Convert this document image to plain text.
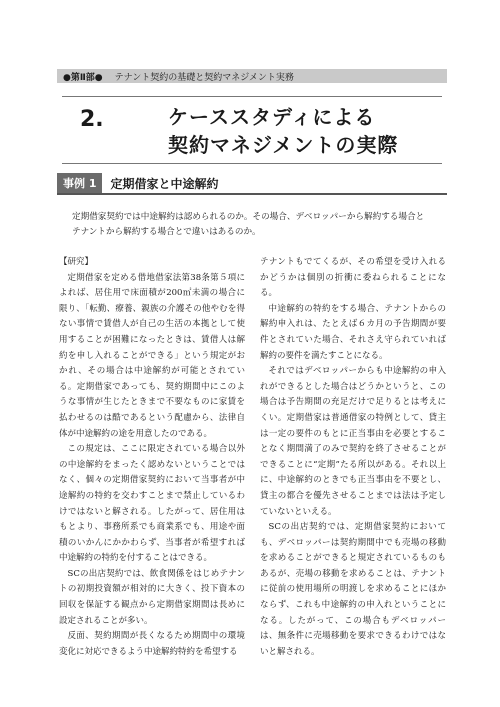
●第Ⅱ部● テナント契約の基礎と契約マネジメント実務
2.	ケーススタディによる
契約マネジメントの実際
事例 1	定期借家と中途解約
定期借家契約では中途解約は認められるのか。その場合、デベロッパーから解約する場合とテナントから解約する場合とで違いはあるのか。

【研究】

定期借家を定める借地借家法第38条第５項によれば、居住用で床面積が200㎡未満の場合に限り、「転勤、療養、親族の介護その他やむを得ない事情で賃借人が自己の生活の本拠として使用することが困難になったときは、賃借人は解約を申し入れることができる」という規定がおかれ、その場合は中途解約が可能とされている。定期借家であっても、契約期間中にこのような事情が生じたときまで不要なものに家賃を払わせるのは酷であるという配慮から、法律自体が中途解約の途を用意したのである。

この規定は、ここに限定されている場合以外の中途解約をまったく認めないということではなく、個々の定期借家契約において当事者が中途解約の特約を交わすことまで禁止しているわけではないと解される。したがって、居住用はもとより、事務所系でも商業系でも、用途や面積のいかんにかかわらず、当事者が希望すれば中途解約の特約を付することはできる。

SCの出店契約では、飲食関係をはじめテナントの初期投資額が相対的に大きく、投下資本の回収を保証する観点から定期借家期間は長めに設定されることが多い。

反面、契約期間が長くなるため期間中の環境変化に対応できるよう中途解約特約を希望する

テナントもでてくるが、その希望を受け入れるかどうかは個別の折衝に委ねられることになる。

中途解約の特約をする場合、テナントからの解約申入れは、たとえば６カ月の予告期間が要件とされていた場合、それさえ守られていれば解約の要件を満たすことになる。

それではデベロッパーからも中途解約の申入れができるとした場合はどうかというと、この場合は予告期間の充足だけで足りるとは考えにくい。定期借家は普通借家の特例として、貸主は一定の要件のもとに正当事由を必要とすることなく期間満了のみで契約を終了させることができることに“定期”たる所以がある。それ以上に、中途解約のときでも正当事由を不要とし、貸主の都合を優先させることまでは法は予定していないといえる。

SCの出店契約では、定期借家契約においても、デベロッパーは契約期間中でも売場の移動を求めることができると規定されているものもあるが、売場の移動を求めることは、テナントに従前の使用場所の明渡しを求めることにほかならず、これも中途解約の申入れということになる。したがって、この場合もデベロッパーは、無条件に売場移動を要求できるわけではないと解される。
